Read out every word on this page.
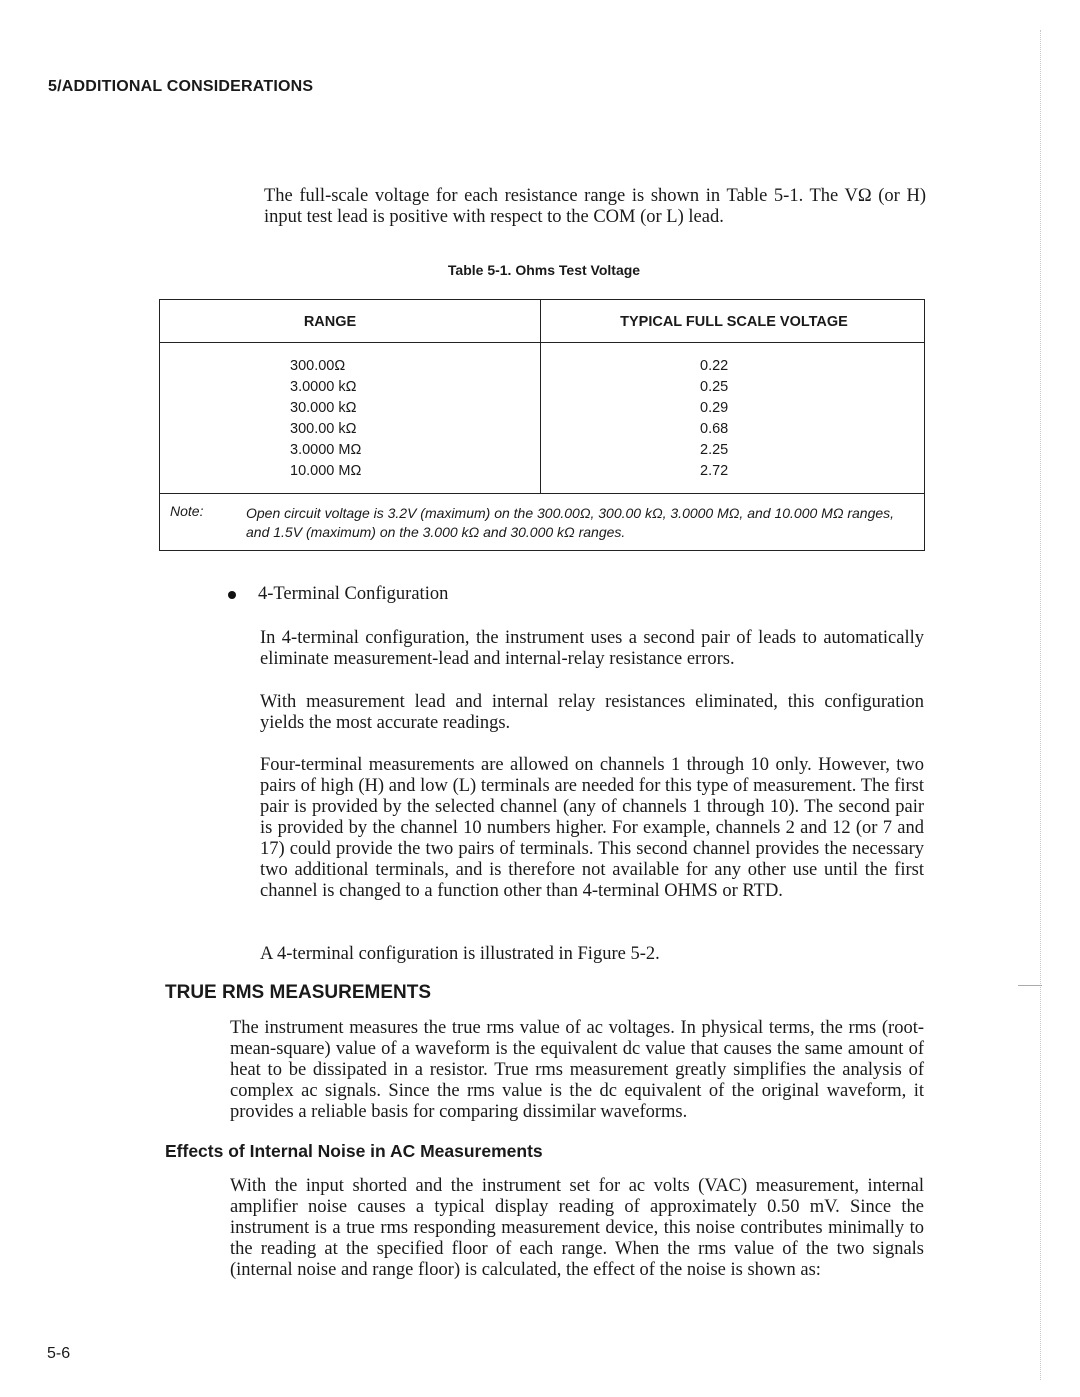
5/ADDITIONAL CONSIDERATIONS
The full-scale voltage for each resistance range is shown in Table 5-1. The VΩ (or H) input test lead is positive with respect to the COM (or L) lead.
Table 5-1. Ohms Test Voltage
RANGE	TYPICAL FULL SCALE VOLTAGE
300.00Ω
3.0000 kΩ
30.000 kΩ
300.00 kΩ
3.0000 MΩ
10.000 MΩ
0.22
0.25
0.29
0.68
2.25
2.72
Note:	Open circuit voltage is 3.2V (maximum) on the 300.00Ω, 300.00 kΩ, 3.0000 MΩ, and 10.000 MΩ ranges, and 1.5V (maximum) on the 3.000 kΩ and 30.000 kΩ ranges.
4-Terminal Configuration
In 4-terminal configuration, the instrument uses a second pair of leads to automatically eliminate measurement-lead and internal-relay resistance errors.
With measurement lead and internal relay resistances eliminated, this configuration yields the most accurate readings.
Four-terminal measurements are allowed on channels 1 through 10 only. However, two pairs of high (H) and low (L) terminals are needed for this type of measurement. The first pair is provided by the selected channel (any of channels 1 through 10). The second pair is provided by the channel 10 numbers higher. For example, channels 2 and 12 (or 7 and 17) could provide the two pairs of terminals. This second channel provides the necessary two additional terminals, and is therefore not available for any other use until the first channel is changed to a function other than 4-terminal OHMS or RTD.
A 4-terminal configuration is illustrated in Figure 5-2.
TRUE RMS MEASUREMENTS
The instrument measures the true rms value of ac voltages. In physical terms, the rms (root-mean-square) value of a waveform is the equivalent dc value that causes the same amount of heat to be dissipated in a resistor. True rms measurement greatly simplifies the analysis of complex ac signals. Since the rms value is the dc equivalent of the original waveform, it provides a reliable basis for comparing dissimilar waveforms.
Effects of Internal Noise in AC Measurements
With the input shorted and the instrument set for ac volts (VAC) measurement, internal amplifier noise causes a typical display reading of approximately 0.50 mV. Since the instrument is a true rms responding measurement device, this noise contributes minimally to the reading at the specified floor of each range. When the rms value of the two signals (internal noise and range floor) is calculated, the effect of the noise is shown as:
5-6
